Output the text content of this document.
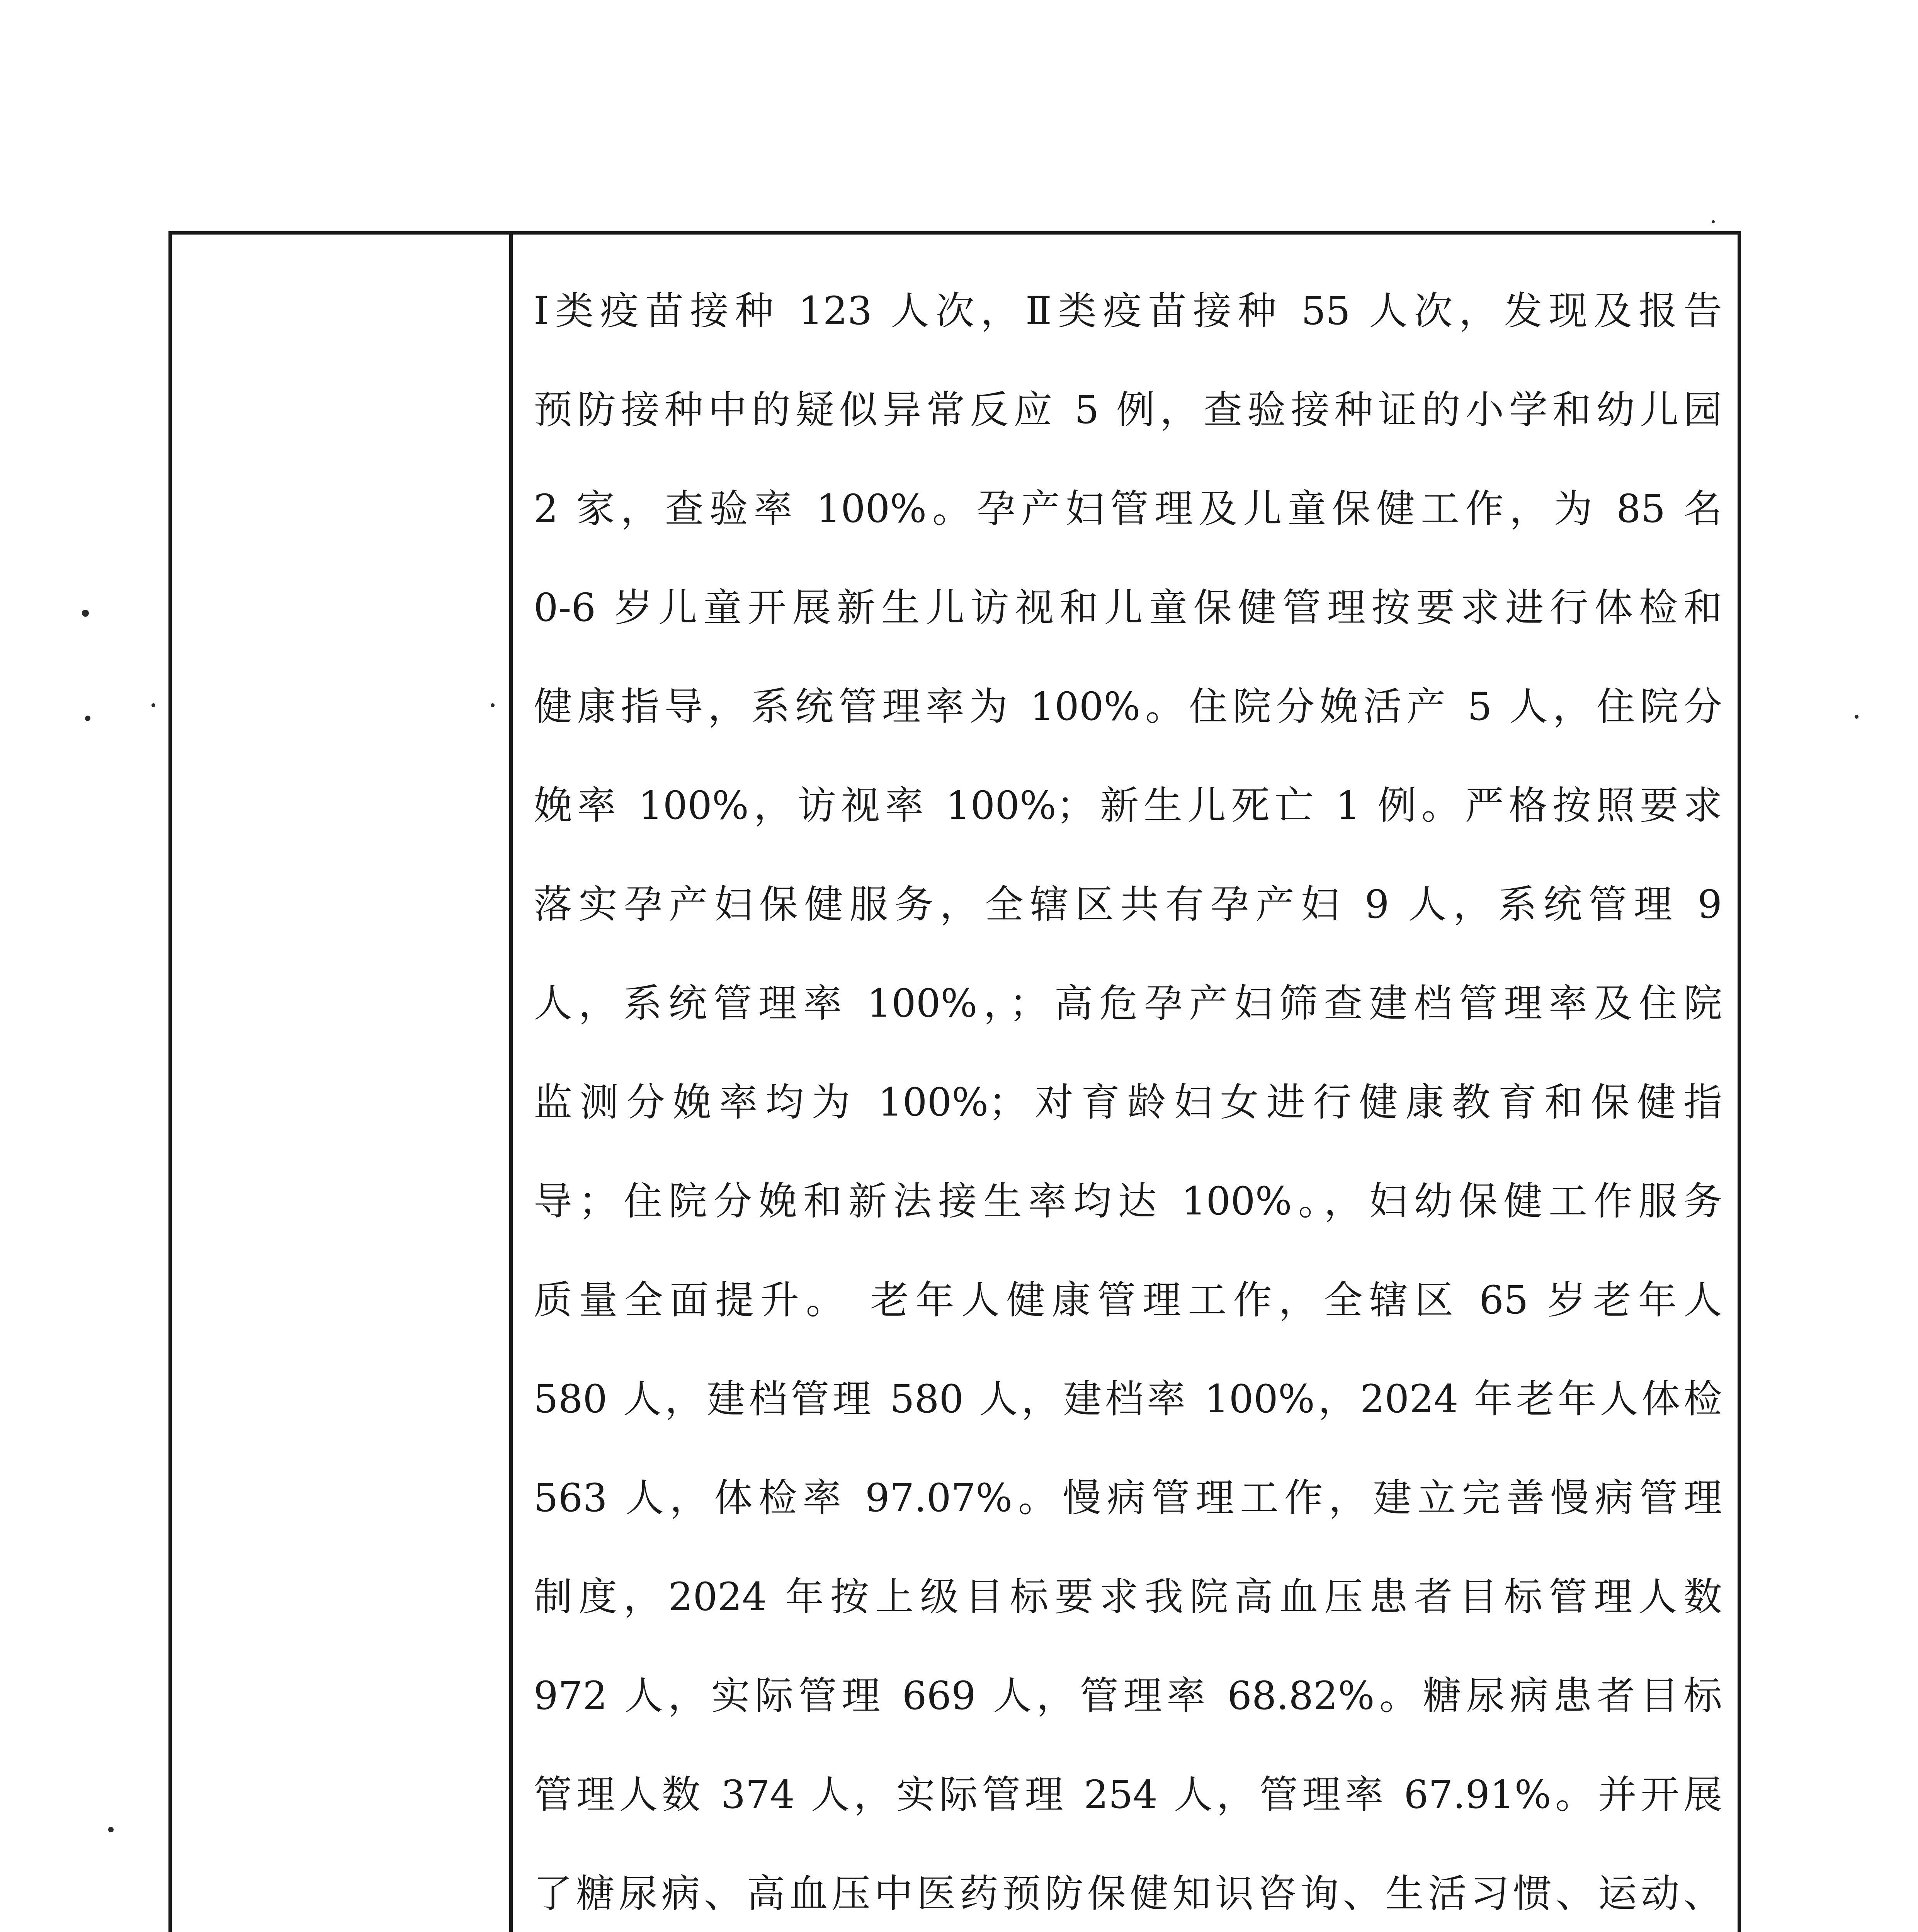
Ⅰ类疫苗接种 123 人次，Ⅱ类疫苗接种 55 人次，发现及报告
预防接种中的疑似异常反应 5 例，查验接种证的小学和幼儿园
2 家，查验率 100%。孕产妇管理及儿童保健工作，为 85 名
0-6 岁儿童开展新生儿访视和儿童保健管理按要求进行体检和
健康指导，系统管理率为 100%。住院分娩活产 5 人，住院分
娩率 100%，访视率 100%；新生儿死亡 1 例。严格按照要求
落实孕产妇保健服务，全辖区共有孕产妇 9 人，系统管理 9
人，系统管理率 100%，；高危孕产妇筛查建档管理率及住院
监测分娩率均为 100%；对育龄妇女进行健康教育和保健指
导；住院分娩和新法接生率均达 100%。，妇幼保健工作服务
质量全面提升。 老年人健康管理工作，全辖区 65 岁老年人
580 人，建档管理 580 人，建档率 100%，2024 年老年人体检
563 人，体检率 97.07%。慢病管理工作，建立完善慢病管理
制度，2024 年按上级目标要求我院高血压患者目标管理人数
972 人，实际管理 669 人，管理率 68.82%。糖尿病患者目标
管理人数 374 人，实际管理 254 人，管理率 67.91%。并开展
了糖尿病、高血压中医药预防保健知识咨询、生活习惯、运动、
